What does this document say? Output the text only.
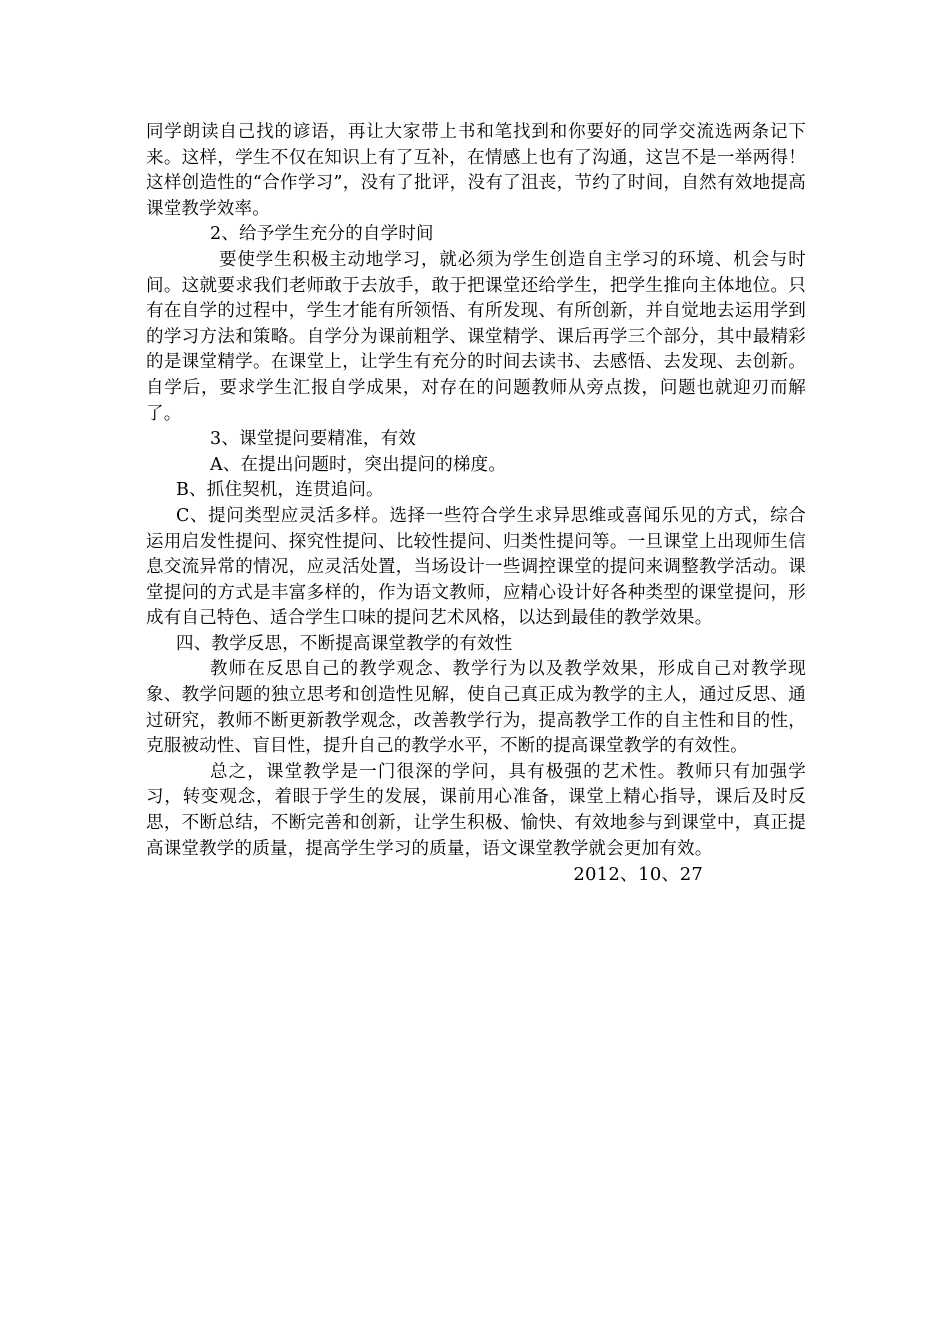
同学朗读自己找的谚语，再让大家带上书和笔找到和你要好的同学交流选两条记下来。这样，学生不仅在知识上有了互补，在情感上也有了沟通，这岂不是一举两得！这样创造性的“合作学习”，没有了批评，没有了沮丧，节约了时间，自然有效地提高课堂教学效率。

2、给予学生充分的自学时间

要使学生积极主动地学习，就必须为学生创造自主学习的环境、机会与时间。这就要求我们老师敢于去放手，敢于把课堂还给学生，把学生推向主体地位。只有在自学的过程中，学生才能有所领悟、有所发现、有所创新，并自觉地去运用学到的学习方法和策略。自学分为课前粗学、课堂精学、课后再学三个部分，其中最精彩的是课堂精学。在课堂上，让学生有充分的时间去读书、去感悟、去发现、去创新。自学后，要求学生汇报自学成果，对存在的问题教师从旁点拨，问题也就迎刃而解了。

3、课堂提问要精准，有效

A、在提出问题时，突出提问的梯度。

B、抓住契机，连贯追问。

C、提问类型应灵活多样。选择一些符合学生求异思维或喜闻乐见的方式，综合运用启发性提问、探究性提问、比较性提问、归类性提问等。一旦课堂上出现师生信息交流异常的情况，应灵活处置，当场设计一些调控课堂的提问来调整教学活动。课堂提问的方式是丰富多样的，作为语文教师，应精心设计好各种类型的课堂提问，形成有自己特色、适合学生口味的提问艺术风格，以达到最佳的教学效果。

四、教学反思，不断提高课堂教学的有效性

教师在反思自己的教学观念、教学行为以及教学效果，形成自己对教学现象、教学问题的独立思考和创造性见解，使自己真正成为教学的主人，通过反思、通过研究，教师不断更新教学观念，改善教学行为，提高教学工作的自主性和目的性，克服被动性、盲目性，提升自己的教学水平，不断的提高课堂教学的有效性。

总之，课堂教学是一门很深的学问，具有极强的艺术性。教师只有加强学习，转变观念，着眼于学生的发展，课前用心准备，课堂上精心指导，课后及时反思，不断总结，不断完善和创新，让学生积极、愉快、有效地参与到课堂中，真正提高课堂教学的质量，提高学生学习的质量，语文课堂教学就会更加有效。

2012、10、27
